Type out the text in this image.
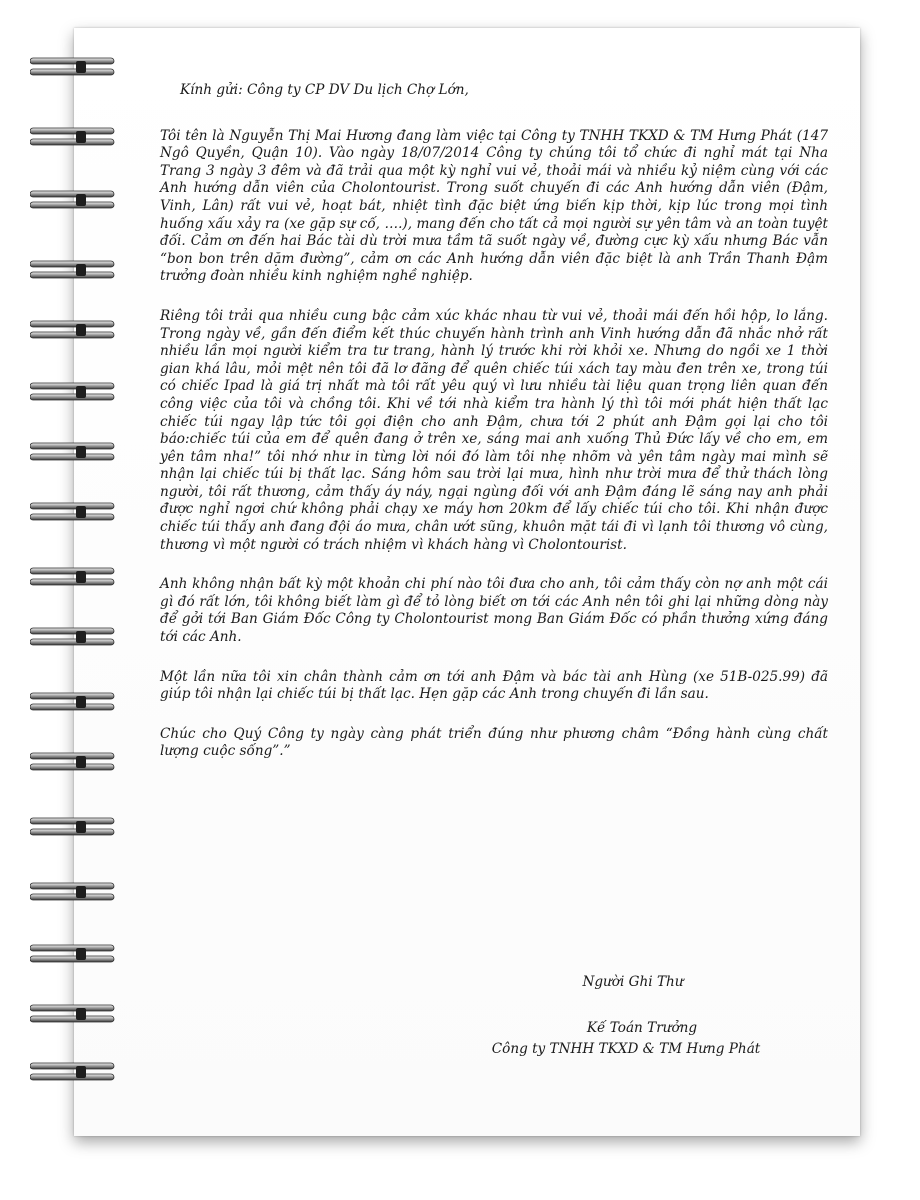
Kính gửi: Công ty CP DV Du lịch Chợ Lớn,

Tôi tên là Nguyễn Thị Mai Hương đang làm việc tại Công ty TNHH TKXD & TM Hưng Phát (147 Ngô Quyền, Quận 10). Vào ngày 18/07/2014 Công ty chúng tôi tổ chức đi nghỉ mát tại Nha Trang 3 ngày 3 đêm và đã trải qua một kỳ nghỉ vui vẻ, thoải mái và nhiều kỷ niệm cùng với các Anh hướng dẫn viên của Cholontourist. Trong suốt chuyến đi các Anh hướng dẫn viên (Đậm, Vinh, Lân) rất vui vẻ, hoạt bát, nhiệt tình đặc biệt ứng biến kịp thời, kịp lúc trong mọi tình huống xấu xảy ra (xe gặp sự cố, ….), mang đến cho tất cả mọi người sự yên tâm và an toàn tuyệt đối. Cảm ơn đến hai Bác tài dù trời mưa tầm tã suốt ngày về, đường cực kỳ xấu nhưng Bác vẫn “bon bon trên dặm đường”, cảm ơn các Anh hướng dẫn viên đặc biệt là anh Trần Thanh Đậm trưởng đoàn nhiều kinh nghiệm nghề nghiệp.

Riêng tôi trải qua nhiều cung bậc cảm xúc khác nhau từ vui vẻ, thoải mái đến hồi hộp, lo lắng. Trong ngày về, gần đến điểm kết thúc chuyến hành trình anh Vinh hướng dẫn đã nhắc nhở rất nhiều lần mọi người kiểm tra tư trang, hành lý trước khi rời khỏi xe. Nhưng do ngồi xe 1 thời gian khá lâu, mỏi mệt nên tôi đã lơ đãng để quên chiếc túi xách tay màu đen trên xe, trong túi có chiếc Ipad là giá trị nhất mà tôi rất yêu quý vì lưu nhiều tài liệu quan trọng liên quan đến công việc của tôi và chồng tôi. Khi về tới nhà kiểm tra hành lý thì tôi mới phát hiện thất lạc chiếc túi ngay lập tức tôi gọi điện cho anh Đậm, chưa tới 2 phút anh Đậm gọi lại cho tôi báo:chiếc túi của em để quên đang ở trên xe, sáng mai anh xuống Thủ Đức lấy về cho em, em yên tâm nha!” tôi nhớ như in từng lời nói đó làm tôi nhẹ nhõm và yên tâm ngày mai mình sẽ nhận lại chiếc túi bị thất lạc. Sáng hôm sau trời lại mưa, hình như trời mưa để thử thách lòng người, tôi rất thương, cảm thấy áy náy, ngại ngùng đối với anh Đậm đáng lẽ sáng nay anh phải được nghỉ ngơi chứ không phải chạy xe máy hơn 20km để lấy chiếc túi cho tôi. Khi nhận được chiếc túi thấy anh đang đội áo mưa, chân ướt sũng, khuôn mặt tái đi vì lạnh tôi thương vô cùng, thương vì một người có trách nhiệm vì khách hàng vì Cholontourist.

Anh không nhận bất kỳ một khoản chi phí nào tôi đưa cho anh, tôi cảm thấy còn nợ anh một cái gì đó rất lớn, tôi không biết làm gì để tỏ lòng biết ơn tới các Anh nên tôi ghi lại những dòng này để gởi tới Ban Giám Đốc Công ty Cholontourist mong Ban Giám Đốc có phần thưởng xứng đáng tới các Anh.

Một lần nữa tôi xin chân thành cảm ơn tới anh Đậm và bác tài anh Hùng (xe 51B-025.99) đã giúp tôi nhận lại chiếc túi bị thất lạc. Hẹn gặp các Anh trong chuyến đi lần sau.

Chúc cho Quý Công ty ngày càng phát triển đúng như phương châm “Đồng hành cùng chất lượng cuộc sống”.”

Người Ghi Thư
Kế Toán Trưởng
Công ty TNHH TKXD & TM Hưng Phát
